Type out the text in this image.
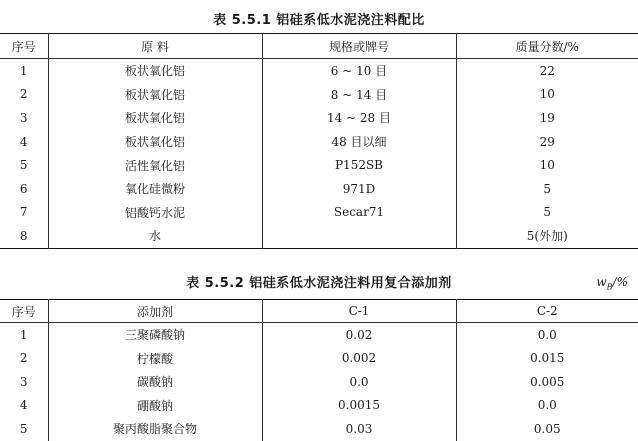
表 5.5.1 铝硅系低水泥浇注料配比
序号	原 料	规格或牌号	质量分数/%
1	板状氧化铝	6 ~ 10 目	22
2	板状氧化铝	8 ~ 14 目	10
3	板状氧化铝	14 ~ 28 目	19
4	板状氧化铝	48 目以细	29
5	活性氧化铝	P152SB	10
6	氧化硅微粉	971D	5
7	铝酸钙水泥	Secar71	5
8	水		5(外加)
表 5.5.2 铝硅系低水泥浇注料用复合添加剂	$w_B/\%$
序号	添加剂	C-1	C-2
1	三聚磷酸钠	0.02	0.0
2	柠檬酸	0.002	0.015
3	碳酸钠	0.0	0.005
4	硼酸钠	0.0015	0.0
5	聚丙酸脂聚合物	0.03	0.05
